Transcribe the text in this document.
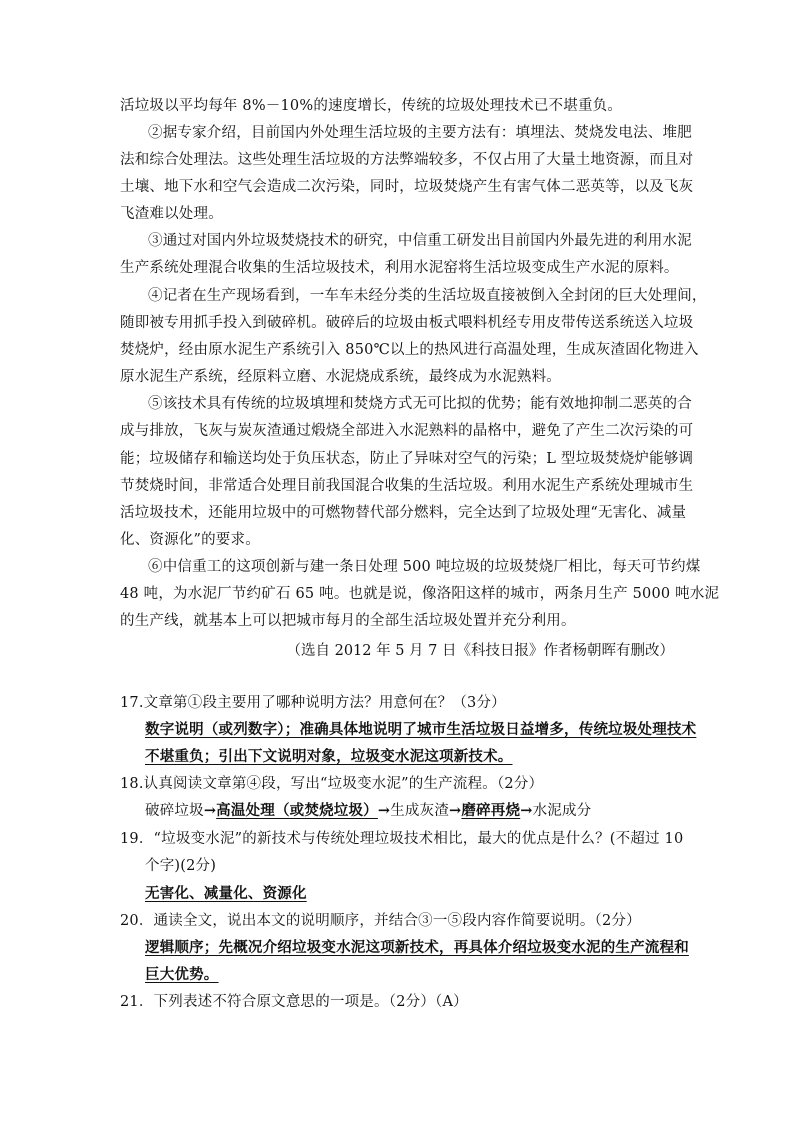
活垃圾以平均每年 8%－10%的速度增长，传统的垃圾处理技术已不堪重负。
②据专家介绍，目前国内外处理生活垃圾的主要方法有：填埋法、焚烧发电法、堆肥
法和综合处理法。这些处理生活垃圾的方法弊端较多，不仅占用了大量土地资源，而且对
土壤、地下水和空气会造成二次污染，同时，垃圾焚烧产生有害气体二恶英等，以及飞灰
飞渣难以处理。
③通过对国内外垃圾焚烧技术的研究，中信重工研发出目前国内外最先进的利用水泥
生产系统处理混合收集的生活垃圾技术，利用水泥窑将生活垃圾变成生产水泥的原料。
④记者在生产现场看到，一车车未经分类的生活垃圾直接被倒入全封闭的巨大处理间，
随即被专用抓手投入到破碎机。破碎后的垃圾由板式喂料机经专用皮带传送系统送入垃圾
焚烧炉，经由原水泥生产系统引入 850℃以上的热风进行高温处理，生成灰渣固化物进入
原水泥生产系统，经原料立磨、水泥烧成系统，最终成为水泥熟料。
⑤该技术具有传统的垃圾填埋和焚烧方式无可比拟的优势；能有效地抑制二恶英的合
成与排放，飞灰与炭灰渣通过煅烧全部进入水泥熟料的晶格中，避免了产生二次污染的可
能；垃圾储存和输送均处于负压状态，防止了异味对空气的污染；L 型垃圾焚烧炉能够调
节焚烧时间，非常适合处理目前我国混合收集的生活垃圾。利用水泥生产系统处理城市生
活垃圾技术，还能用垃圾中的可燃物替代部分燃料，完全达到了垃圾处理“无害化、减量
化、资源化”的要求。
⑥中信重工的这项创新与建一条日处理 500 吨垃圾的垃圾焚烧厂相比，每天可节约煤
48 吨，为水泥厂节约矿石 65 吨。也就是说，像洛阳这样的城市，两条月生产 5000 吨水泥
的生产线，就基本上可以把城市每月的全部生活垃圾处置并充分利用。
（选自 2012 年 5 月 7 日《科技日报》作者杨朝晖有删改）
17.文章第①段主要用了哪种说明方法？用意何在？（3分）
数字说明（或列数字）；准确具体地说明了城市生活垃圾日益增多，传统垃圾处理技术
不堪重负；引出下文说明对象，垃圾变水泥这项新技术。
18.认真阅读文章第④段，写出“垃圾变水泥”的生产流程。（2分）
破碎垃圾→高温处理（或焚烧垃圾）→生成灰渣→磨碎再烧→水泥成分
19．“垃圾变水泥”的新技术与传统处理垃圾技术相比，最大的优点是什么？(不超过 10
个字)(2分)
无害化、减量化、资源化
20．通读全文，说出本文的说明顺序，并结合③一⑤段内容作简要说明。（2分）
逻辑顺序；先概况介绍垃圾变水泥这项新技术，再具体介绍垃圾变水泥的生产流程和
巨大优势。
21．下列表述不符合原文意思的一项是。（2分）（A）
